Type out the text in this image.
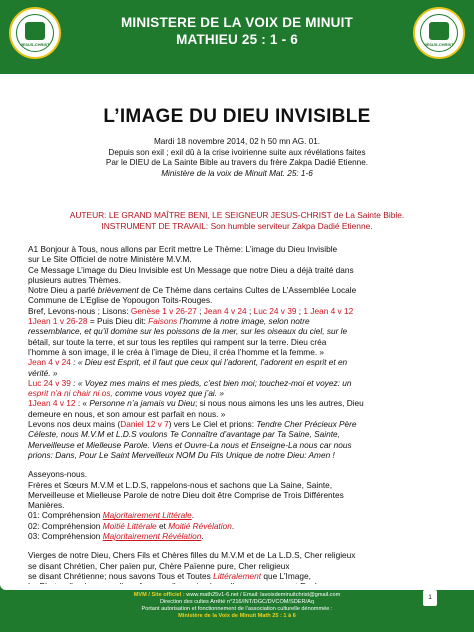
JESUS-CHRIST
MINISTERE DE LA VOIX DE MINUIT
MATHIEU 25 : 1 - 6	JESUS-CHRIST
L’IMAGE DU DIEU INVISIBLE
Mardi 18 novembre 2014, 02 h 50 mn AG. 01.
Depuis son exil ; exil dû à la crise ivoirienne suite aux révélations faites
Par le DIEU de La Sainte Bible au travers du frère Zakpa Dadié Etienne.
Ministère de la voix de Minuit Mat. 25: 1-6
AUTEUR: LE GRAND MAÎTRE BENI, LE SEIGNEUR JESUS-CHRIST de La Sainte Bible.
INSTRUMENT DE TRAVAIL: Son humble serviteur Zakpa Dadié Etienne.

A1 Bonjour à Tous, nous allons par Ecrit mettre Le Thème: L’image du Dieu Invisible
sur Le Site Officiel de notre Ministère M.V.M.
Ce Message L’image du Dieu Invisible est Un Message que notre Dieu a déjà traité dans
plusieurs autres Thèmes.

Notre Dieu a parlé brièvement de Ce Thème dans certains Cultes de L’Assemblée Locale
Commune de L’Eglise de Yopougon Toits-Rouges.
Bref, Levons-nous ; Lisons: Genèse 1 v 26-27 ; Jean 4 v 24 ; Luc 24 v 39 ; 1 Jean 4 v 12
1Jean 1 v 26-28 = Puis Dieu dit: Faisons l’homme à notre image, selon notre
ressemblance, et qu’il domine sur les poissons de la mer, sur les oiseaux du ciel, sur le
bétail, sur toute la terre, et sur tous les reptiles qui rampent sur la terre. Dieu créa
l’homme à son image, il le créa à l’image de Dieu, il créa l’homme et la femme. »
Jean 4 v 24 : « Dieu est Esprit, et il faut que ceux qui l’adorent, l’adorent en esprit et en
vérité. »
Luc 24 v 39 : « Voyez mes mains et mes pieds, c’est bien moi; touchez-moi et voyez: un
esprit n’a ni chair ni os, comme vous voyez que j’ai. »
1Jean 4 v 12 : « Personne n’a jamais vu Dieu; si nous nous aimons les uns les autres, Dieu
demeure en nous, et son amour est parfait en nous. »
Levons nos deux mains (Daniel 12 v 7) vers Le Ciel et prions: Tendre Cher Précieux Père
Céleste, nous M.V.M et L.D.S voulons Te Connaître d’avantage par Ta Saine, Sainte,
Merveilleuse et Mielleuse Parole. Viens et Ouvre-La nous et Enseigne-La nous car nous
prions: Dans, Pour Le Saint Merveilleux NOM Du Fils Unique de notre Dieu: Amen !

Asseyons-nous.
Frères et Sœurs M.V.M et L.D.S, rappelons-nous et sachons que La Saine, Sainte,
Merveilleuse et Mielleuse Parole de notre Dieu doit être Comprise de Trois Différentes
Manières.
01: Compréhension Majoritairement Littérale.
02: Compréhension Moitié Littérale et Moitié Révélation.
03: Compréhension Majoritairement Révélation.

Vierges de notre Dieu, Chers Fils et Chères filles du M.V.M et de La L.D.S, Cher religieux
se disant Chrétien, Cher païen pur, Chère Païenne pure, Cher religieux
se disant Chrétienne; nous savons Tous et Toutes Littéralement que L’Image,

MVM / Site officiel : www.math25v1-6.net / Email: lavoixdeminuitchrist@gmail.com
Direction des cultes Arrêté n°216/INT/DGC/DVCOM/SDER/Aq
Portant autorisation et fonctionnement de l’association culturelle dénommée :
Ministère de la Voix de Minuit Math 25 : 1 à 6
1
